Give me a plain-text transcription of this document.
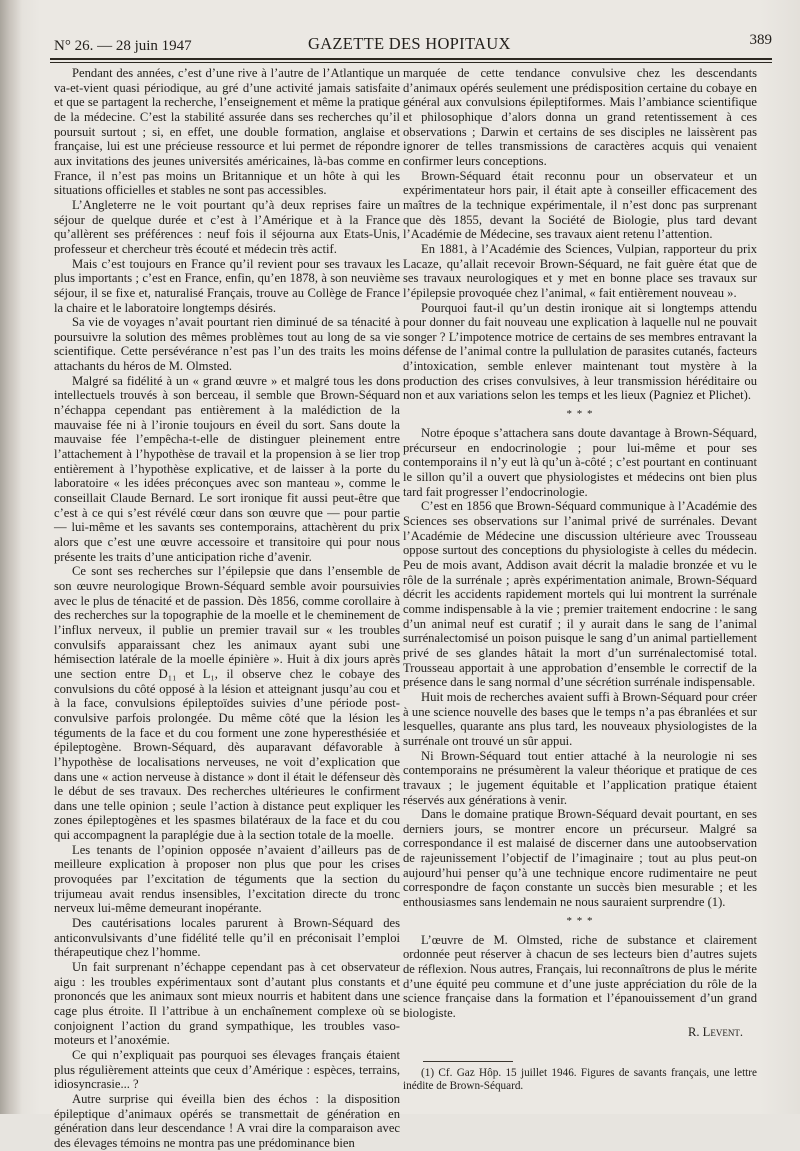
N° 26. — 28 juin 1947	GAZETTE DES HOPITAUX	389

Pendant des années, c’est d’une rive à l’autre de l’Atlantique un va-et-vient quasi périodique, au gré d’une activité jamais satisfaite et que se partagent la recherche, l’enseignement et même la pratique de la médecine. C’est la stabilité assurée dans ses recherches qu’il poursuit surtout ; si, en effet, une double formation, anglaise et française, lui est une précieuse ressource et lui permet de répondre aux invitations des jeunes universités américaines, là-bas comme en France, il n’est pas moins un Britannique et un hôte à qui les situations officielles et stables ne sont pas accessibles.

L’Angleterre ne le voit pourtant qu’à deux reprises faire un séjour de quelque durée et c’est à l’Amérique et à la France qu’allèrent ses préférences : neuf fois il séjourna aux Etats-Unis, professeur et chercheur très écouté et médecin très actif.

Mais c’est toujours en France qu’il revient pour ses travaux les plus importants ; c’est en France, enfin, qu’en 1878, à son neuvième séjour, il se fixe et, naturalisé Français, trouve au Collège de France la chaire et le laboratoire longtemps désirés.

Sa vie de voyages n’avait pourtant rien diminué de sa ténacité à poursuivre la solution des mêmes problèmes tout au long de sa vie scientifique. Cette persévérance n’est pas l’un des traits les moins attachants du héros de M. Olmsted.

Malgré sa fidélité à un « grand œuvre » et malgré tous les dons intellectuels trouvés à son berceau, il semble que Brown-Séquard n’échappa cependant pas entièrement à la malédiction de la mauvaise fée ni à l’ironie toujours en éveil du sort. Sans doute la mauvaise fée l’empêcha-t-elle de distinguer pleinement entre l’attachement à l’hypothèse de travail et la propension à se lier trop entièrement à l’hypothèse explicative, et de laisser à la porte du laboratoire « les idées préconçues avec son manteau », comme le conseillait Claude Bernard. Le sort ironique fit aussi peut-être que c’est à ce qui s’est révélé cœur dans son œuvre que — pour partie — lui-même et les savants ses contemporains, attachèrent du prix alors que c’est une œuvre accessoire et transitoire qui pour nous présente les traits d’une anticipation riche d’avenir.

Ce sont ses recherches sur l’épilepsie que dans l’ensemble de son œuvre neurologique Brown-Séquard semble avoir poursuivies avec le plus de ténacité et de passion. Dès 1856, comme corollaire à des recherches sur la topographie de la moelle et le cheminement de l’influx nerveux, il publie un premier travail sur « les troubles convulsifs apparaissant chez les animaux ayant subi une hémisection latérale de la moelle épinière ». Huit à dix jours après une section entre D₁₁ et L₁, il observe chez le cobaye des convulsions du côté opposé à la lésion et atteignant jusqu’au cou et à la face, convulsions épileptoïdes suivies d’une période post-convulsive parfois prolongée. Du même côté que la lésion les téguments de la face et du cou forment une zone hyperesthésiée et épileptogène. Brown-Séquard, dès auparavant défavorable à l’hypothèse de localisations nerveuses, ne voit d’explication que dans une « action nerveuse à distance » dont il était le défenseur dès le début de ses travaux. Des recherches ultérieures le confirment dans une telle opinion ; seule l’action à distance peut expliquer les zones épileptogènes et les spasmes bilatéraux de la face et du cou qui accompagnent la paraplégie due à la section totale de la moelle.

Les tenants de l’opinion opposée n’avaient d’ailleurs pas de meilleure explication à proposer non plus que pour les crises provoquées par l’excitation de téguments que la section du trijumeau avait rendus insensibles, l’excitation directe du tronc nerveux lui-même demeurant inopérante.

Des cautérisations locales parurent à Brown-Séquard des anticonvulsivants d’une fidélité telle qu’il en préconisait l’emploi thérapeutique chez l’homme.

Un fait surprenant n’échappe cependant pas à cet observateur aigu : les troubles expérimentaux sont d’autant plus constants et prononcés que les animaux sont mieux nourris et habitent dans une cage plus étroite. Il l’attribue à un enchaînement complexe où se conjoignent l’action du grand sympathique, les troubles vaso-moteurs et l’anoxémie.

Ce qui n’expliquait pas pourquoi ses élevages français étaient plus régulièrement atteints que ceux d’Amérique : espèces, terrains, idiosyncrasie... ?

Autre surprise qui éveilla bien des échos : la disposition épileptique d’animaux opérés se transmettait de génération en génération dans leur descendance ! A vrai dire la comparaison avec des élevages témoins ne montra pas une prédominance bien

marquée de cette tendance convulsive chez les descendants d’animaux opérés seulement une prédisposition certaine du cobaye en général aux convulsions épileptiformes. Mais l’ambiance scientifique et philosophique d’alors donna un grand retentissement à ces observations ; Darwin et certains de ses disciples ne laissèrent pas ignorer de telles transmissions de caractères acquis qui venaient confirmer leurs conceptions.

Brown-Séquard était reconnu pour un observateur et un expérimentateur hors pair, il était apte à conseiller efficacement des maîtres de la technique expérimentale, il n’est donc pas surprenant que dès 1855, devant la Société de Biologie, plus tard devant l’Académie de Médecine, ses travaux aient retenu l’attention.

En 1881, à l’Académie des Sciences, Vulpian, rapporteur du prix Lacaze, qu’allait recevoir Brown-Séquard, ne fait guère état que de ses travaux neurologiques et y met en bonne place ses travaux sur l’épilepsie provoquée chez l’animal, « fait entièrement nouveau ».

Pourquoi faut-il qu’un destin ironique ait si longtemps attendu pour donner du fait nouveau une explication à laquelle nul ne pouvait songer ? L’impotence motrice de certains de ses membres entravant la défense de l’animal contre la pullulation de parasites cutanés, facteurs d’intoxication, semble enlever maintenant tout mystère à la production des crises convulsives, à leur transmission héréditaire ou non et aux variations selon les temps et les lieux (Pagniez et Plichet).

* * *

Notre époque s’attachera sans doute davantage à Brown-Séquard, précurseur en endocrinologie ; pour lui-même et pour ses contemporains il n’y eut là qu’un à-côté ; c’est pourtant en continuant le sillon qu’il a ouvert que physiologistes et médecins ont bien plus tard fait progresser l’endocrinologie.

C’est en 1856 que Brown-Séquard communique à l’Académie des Sciences ses observations sur l’animal privé de surrénales. Devant l’Académie de Médecine une discussion ultérieure avec Trousseau oppose surtout des conceptions du physiologiste à celles du médecin. Peu de mois avant, Addison avait décrit la maladie bronzée et vu le rôle de la surrénale ; après expérimentation animale, Brown-Séquard décrit les accidents rapidement mortels qui lui montrent la surrénale comme indispensable à la vie ; premier traitement endocrine : le sang d’un animal neuf est curatif ; il y aurait dans le sang de l’animal surrénalectomisé un poison puisque le sang d’un animal partiellement privé de ses glandes hâtait la mort d’un surrénalectomisé total. Trousseau apportait à une approbation d’ensemble le correctif de la présence dans le sang normal d’une sécrétion surrénale indispensable.

Huit mois de recherches avaient suffi à Brown-Séquard pour créer à une science nouvelle des bases que le temps n’a pas ébranlées et sur lesquelles, quarante ans plus tard, les nouveaux physiologistes de la surrénale ont trouvé un sûr appui.

Ni Brown-Séquard tout entier attaché à la neurologie ni ses contemporains ne présumèrent la valeur théorique et pratique de ces travaux ; le jugement équitable et l’application pratique étaient réservés aux générations à venir.

Dans le domaine pratique Brown-Séquard devait pourtant, en ses derniers jours, se montrer encore un précurseur. Malgré sa correspondance il est malaisé de discerner dans une autoobservation de rajeunissement l’objectif de l’imaginaire ; tout au plus peut-on aujourd’hui penser qu’à une technique encore rudimentaire ne peut correspondre de façon constante un succès bien mesurable ; et les enthousiasmes sans lendemain ne nous sauraient surprendre (1).

* * *

L’œuvre de M. Olmsted, riche de substance et clairement ordonnée peut réserver à chacun de ses lecteurs bien d’autres sujets de réflexion. Nous autres, Français, lui reconnaîtrons de plus le mérite d’une équité peu commune et d’une juste appréciation du rôle de la science française dans la formation et l’épanouissement d’un grand biologiste.

R. Levent.

(1) Cf. Gaz Hôp. 15 juillet 1946. Figures de savants français, une lettre inédite de Brown-Séquard.
